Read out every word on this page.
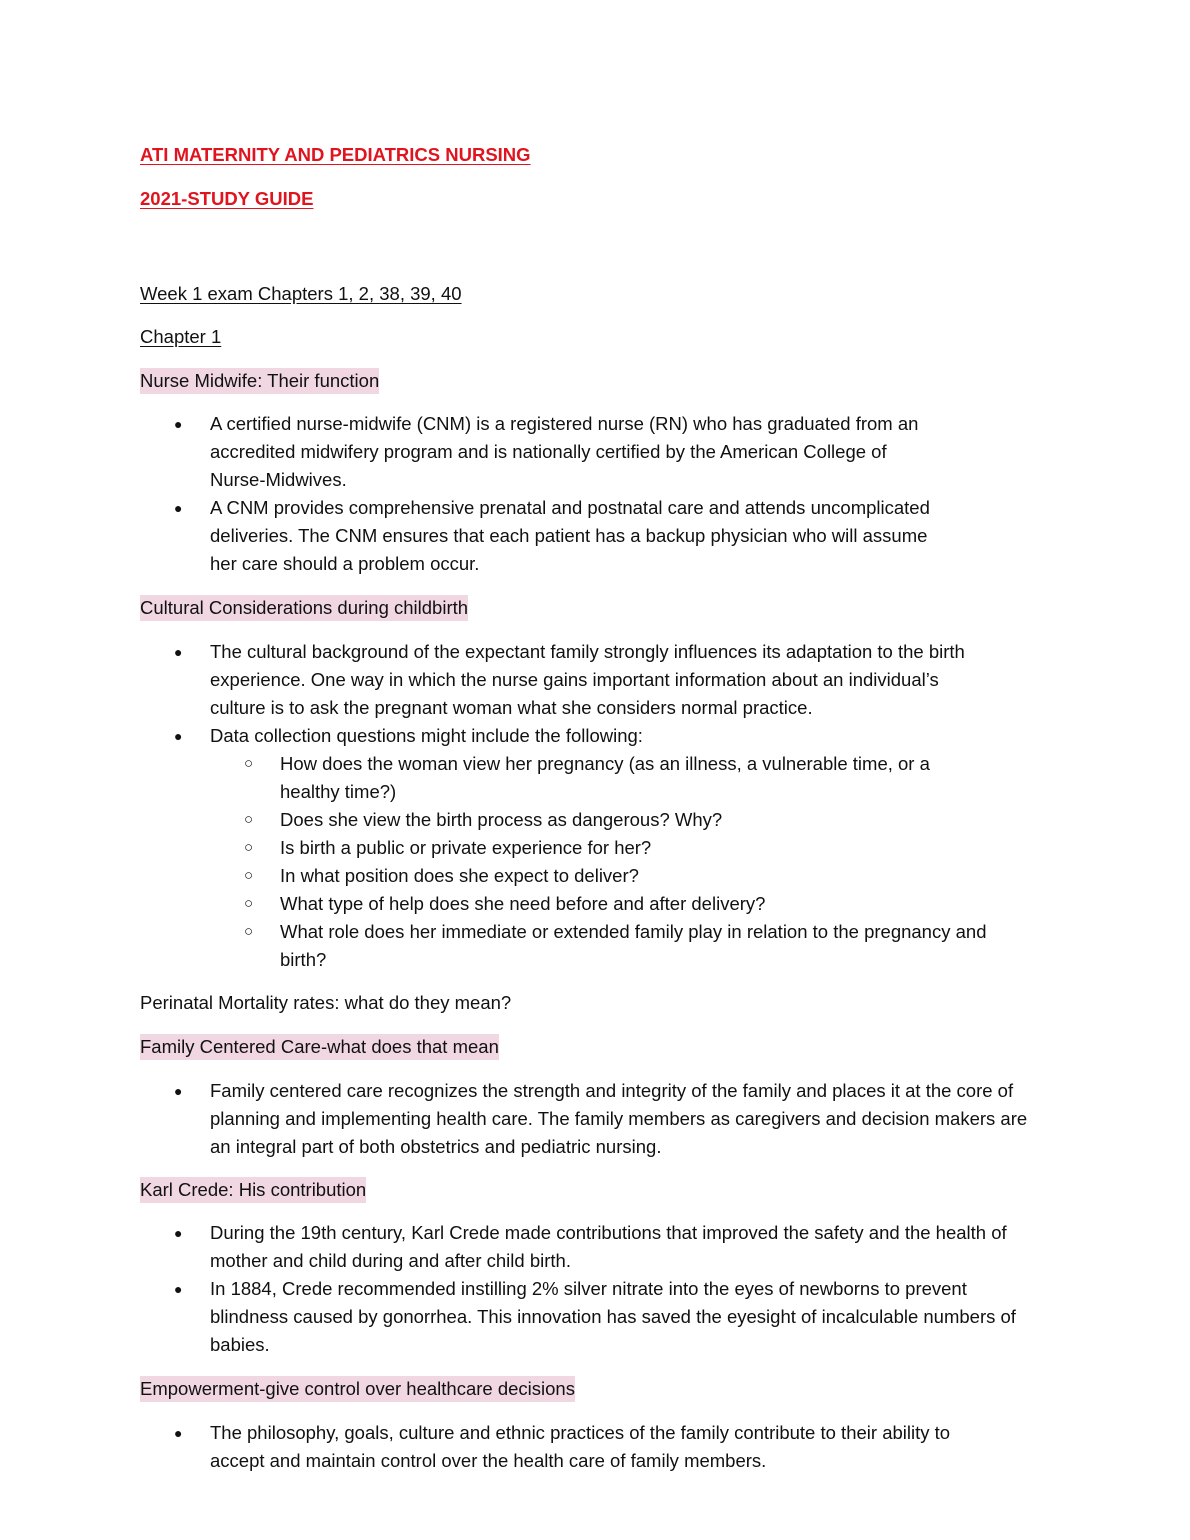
ATI MATERNITY AND PEDIATRICS NURSING
2021-STUDY GUIDE
Week 1 exam Chapters 1, 2, 38, 39, 40
Chapter 1
Nurse Midwife: Their function
● A certified nurse-midwife (CNM) is a registered nurse (RN) who has graduated from an accredited midwifery program and is nationally certified by the American College of Nurse-Midwives.
● A CNM provides comprehensive prenatal and postnatal care and attends uncomplicated deliveries. The CNM ensures that each patient has a backup physician who will assume her care should a problem occur.
Cultural Considerations during childbirth
● The cultural background of the expectant family strongly influences its adaptation to the birth experience. One way in which the nurse gains important information about an individual’s culture is to ask the pregnant woman what she considers normal practice.
● Data collection questions might include the following:
○ How does the woman view her pregnancy (as an illness, a vulnerable time, or a healthy time?)
○ Does she view the birth process as dangerous? Why?
○ Is birth a public or private experience for her?
○ In what position does she expect to deliver?
○ What type of help does she need before and after delivery?
○ What role does her immediate or extended family play in relation to the pregnancy and birth?
Perinatal Mortality rates: what do they mean?
Family Centered Care-what does that mean
● Family centered care recognizes the strength and integrity of the family and places it at the core of planning and implementing health care. The family members as caregivers and decision makers are an integral part of both obstetrics and pediatric nursing.
Karl Crede: His contribution
● During the 19th century, Karl Crede made contributions that improved the safety and the health of mother and child during and after child birth.
● In 1884, Crede recommended instilling 2% silver nitrate into the eyes of newborns to prevent blindness caused by gonorrhea. This innovation has saved the eyesight of incalculable numbers of babies.
Empowerment-give control over healthcare decisions
● The philosophy, goals, culture and ethnic practices of the family contribute to their ability to accept and maintain control over the health care of family members.
